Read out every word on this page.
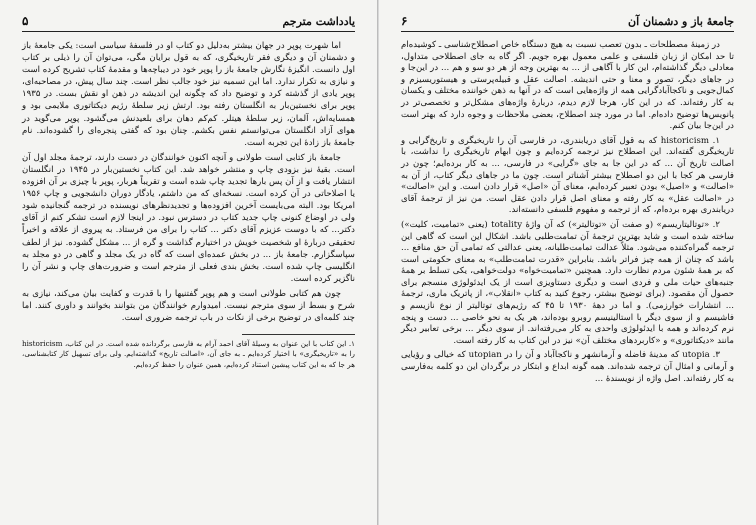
یادداشت مترجم
۵

اما شهرت پوپر در جهان بیشتر به‌دلیل دو کتاب او در فلسفهٔ سیاسی است: یکی جامعهٔ باز و دشمنان آن و دیگری فقر تاریخیگری، که به قول برایان مگی، می‌توان آن را ذیلی بر کتاب اول دانست. انگیزهٔ نگارش جامعهٔ باز را پوپر خود در دیباچه‌ها و مقدمهٔ کتاب تشریح کرده است و نیازی به تکرار ندارد. اما این تسمیه نیز خود جالب نظر است. چند سال پیش، در مصاحبه‌ای، پوپر یادی از گذشته کرد و توضیح داد که چگونه این اندیشه در ذهن او نقش بست. در ۱۹۳۵ پوپر برای نخستین‌بار به انگلستان رفته بود. ارتش زیر سلطهٔ رژیم دیکتاتوری ملایمی بود و همسایه‌اش، آلمان، زیر سلطهٔ هیتلر. کم‌کم دهان برای بلعیدنش می‌گشود. پوپر می‌گوید در هوای آزاد انگلستان می‌توانستم نفس بکشم. چنان بود که گفتی پنجره‌ای را گشوده‌اند. نام جامعهٔ باز زادهٔ این تجربه است.

جامعهٔ باز کتابی است طولانی و آنچه اکنون خوانندگان در دست دارند، ترجمهٔ مجلد اول آن است. بقیهٔ نیز بزودی چاپ و منتشر خواهد شد. این کتاب نخستین‌بار در ۱۹۴۵ در انگلستان انتشار یافت و از آن پس بارها تجدید چاپ شده است و تقریباً هربار، پوپر با چیزی بر آن افزوده یا اصلاحاتی در آن کرده است. نسخه‌ای که من داشتم، یادگار دوران دانشجویی و چاپ ۱۹۵۶ امریکا بود. البته می‌بایست آخرین افزوده‌ها و تجدیدنظرهای نویسنده در ترجمه گنجانیده شود ولی در اوضاع کنونی چاپ جدید کتاب در دسترس نبود. در اینجا لازم است تشکر کنم از آقای دکتر... که با دوست عزیزم آقای دکتر ... کتاب را برای من فرستاد. به پیروی از علاقه و اخیراً تحقیقی دربارهٔ او شخصیت خویش در اختیارم گذاشت و گره از ... مشکل گشوده. نیز از لطف سپاسگزارم. جامعهٔ باز ... در بخش عمده‌ای است که گاه در یک مجلد و گاهی در دو مجلد به انگلیسی چاپ شده است. بخش بندی فعلی از مترجم است و ضرورت‌های چاپ و نشر آن را ناگزیر کرده است.

چون هم کتابی طولانی است و هم پوپر گفتنیها را با قدرت و کفایت بیان می‌کند، نیازی به شرح و بسط از سوی مترجم نیست. امیدوارم خوانندگان من بتوانند بخوانند و داوری کنند. اما چند کلمه‌ای در توضیح برخی از نکات در باب ترجمه ضروری است.

۱. این کتاب با این عنوان به وسیلهٔ آقای احمد آرام به فارسی برگردانده شده است. در این کتاب، historicism را به «تاریخیگری» با اختیار کرده‌ایم ـ به جای آن، «اصالت تاریخ» گذاشته‌ایم. ولی برای تسهیل کار کتابشناسی، هر جا که به این کتاب پیشین استناد کرده‌ایم، همین عنوان را حفظ کرده‌ایم.

جامعهٔ باز و دشمنان آن
۶

در زمینهٔ مصطلحات ـ بدون تعصب نسبت به هیچ دستگاه خاص اصطلاح‌شناسی ـ کوشیده‌ام تا حد امکان از زبان فلسفی و علمی معمول بهره جویم. اگر گاه به جای اصطلاحی متداول، معادلی دیگر گذاشته‌ام، این کار با آگاهی از ... به بهترین وجه از هر دو سو و هم ... در این‌جا و در جاهای دیگر، تصور و معنا و حتی اندیشه. اصالت عقل و قبیله‌پرستی و هیستوریسیزم و کمال‌جویی و ناکجاآبادگرایی همه از واژه‌هایی است که در آنها به ذهن خواننده مختلف و یکسان به کار رفته‌اند. که در این کار، هرجا لازم دیدم، دربارهٔ واژه‌های مشکل‌تر و تخصصی‌تر در پانویس‌ها توضیح داده‌ام. اما در مورد چند اصطلاح، بعضی ملاحظات و وجوه دارد که بهتر است در این‌جا بیان کنم.

۱. historicism که به قول آقای دریابندری، در فارسی آن را تاریخیگری و تاریخ‌گرایی و تاریخیگری گفته‌اند. این اصطلاح نیز ترجمه کرده‌ایم و چون ابهام تاریخیگری را نداشت، با اصالت تاریخ آن ... که در این جا به جای «گرایی» در فارسی، ... به کار برده‌ایم؛ چون در فارسی هر کجا با این دو اصطلاح بیشتر آشنا‌تر است. چون ما در جاهای دیگر کتاب، از آن به «اصالت» و «اصیل» بودن تعبیر کرده‌ایم، معنای آن «اصل» قرار دادن است. و این «اصالت» در «اصالت عقل» به کار رفته و معنای اصل قرار دادن عقل است. من نیز از ترجمهٔ آقای دریابندری بهره برده‌ام، که از ترجمه و مفهوم فلسفی دانسته‌اند.

۲. «توتالیتاریسم» (و صفت آن «توتالیتر») که آن واژهٔ totality (یعنی «تمامیت، کلیت») ساخته شده است و شاید بهترین ترجمهٔ آن تمامت‌طلبی باشد. اشکال این است که گاهی این ترجمه گمراه‌کننده می‌شود. مثلاً عدالت تمامت‌طلبانه، یعنی عدالتی که تمامی آن حق منافع ... باشد که چنان از همه چیز فراتر باشد. بنابراین «قدرت تمامت‌طلب» به معنای حکومتی است که بر همهٔ شئون مردم نظارت دارد. همچنین «تمامیت‌خواه» دولت‌خواهی، یکی تسلط بر همهٔ جنبه‌های حیات ملی و فردی است و دیگری دستاویزی است از یک ایدئولوژی منسجم برای حصول آن مقصود. (برای توضیح بیشتر، رجوع کنید به کتاب «انقلاب»، از پاتریک ماری، ترجمهٔ ... انتشارات خوارزمی). و اما در دههٔ ۱۹۳۰ تا ۴۵ که رژیم‌های توتالیتر از نوع نازیسم و فاشیسم و از سوی دیگر با استالینیسم روبرو بوده‌اند، هر یک به نحو خاصی ... دست و پنجه نرم کرده‌اند و همه با ایدئولوژی واحدی به کار می‌رفته‌اند. از سوی دیگر ... برخی تعابیر دیگر مانند «دیکتاتوری» و «کاربردهای مختلف آن» نیز در این کتاب به کار رفته است.

۳. utopia که مدینهٔ فاضله و آرمانشهر و ناکجاآباد و آن را در utopian که خیالی و رؤیایی و آرمانی و امثال آن ترجمه شده‌اند. همه گونه ابداع و ابتکار در برگردان این دو کلمه به‌فارسی به کار رفته‌اند. اصل واژه از نویسندهٔ ...
